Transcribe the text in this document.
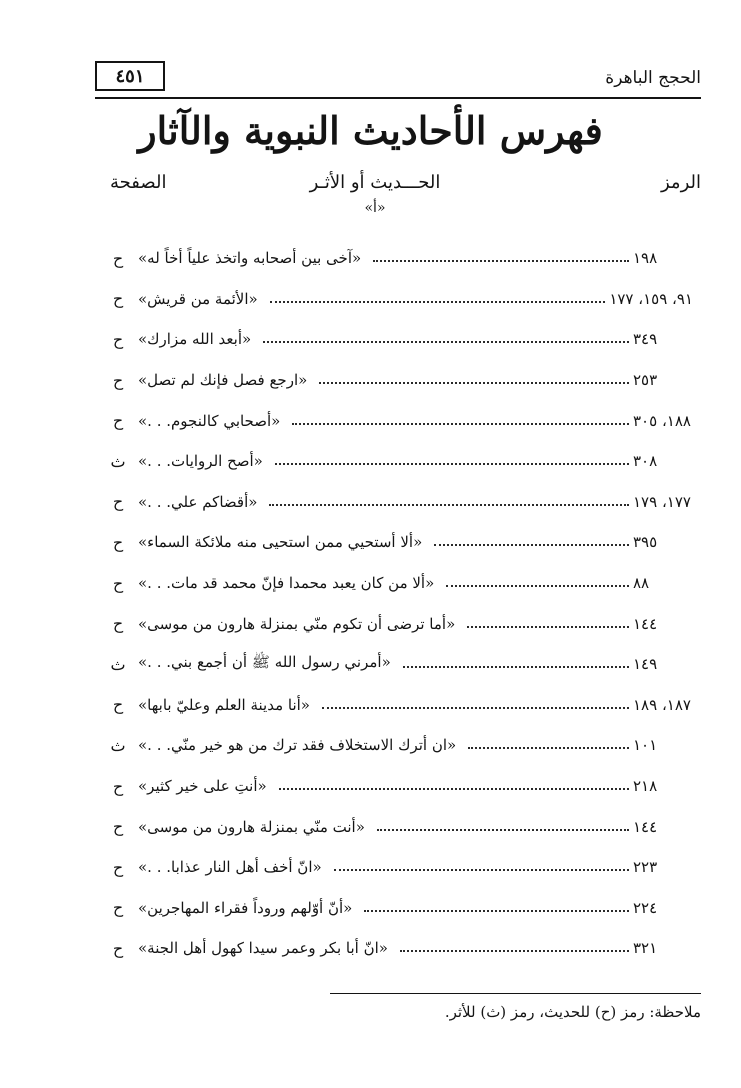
الحجج الباهرة
٤٥١
فهرس الأحاديث النبوية والآثار
الرمز
الحـــديث أو الأثـر
الصفحة
«أ»
ح «آخى بين أصحابه واتخذ علياً أخاً له»	١٩٨
ح «الأئمة من قريش»	٩١، ١٥٩، ١٧٧
ح «أبعد الله مزارك»	٣٤٩
ح «ارجع فصل فإنك لم تصل»	٢٥٣
ح «أصحابي كالنجوم. . .»	١٨٨، ٣٠٥
ث «أصح الروايات. . .»	٣٠٨
ح «أقضاكم علي. . .»	١٧٧، ١٧٩
ح «ألا أستحيي ممن استحيى منه ملائكة السماء»	٣٩٥
ح «ألا من كان يعبد محمدا فإنّ محمد قد مات. . .»	٨٨
ح «أما ترضى أن تكوم منّي بمنزلة هارون من موسى»	١٤٤
ث «أمرني رسول الله ﷺ أن أجمع بني. . .»	١٤٩
ح «أنا مدينة العلم وعليّ بابها»	١٨٧، ١٨٩
ث «ان أترك الاستخلاف فقد ترك من هو خير منّي. . .»	١٠١
ح «أنتِ على خير كثير»	٢١٨
ح «أنت منّي بمنزلة هارون من موسى»	١٤٤
ح «انّ أخف أهل النار عذابا. . .»	٢٢٣
ح «أنّ أوّلهم وروداً فقراء المهاجرين»	٢٢٤
ح «انّ أبا بكر وعمر سيدا كهول أهل الجنة»	٣٢١
ملاحظة: رمز (ح) للحديث، رمز (ث) للأثر.
